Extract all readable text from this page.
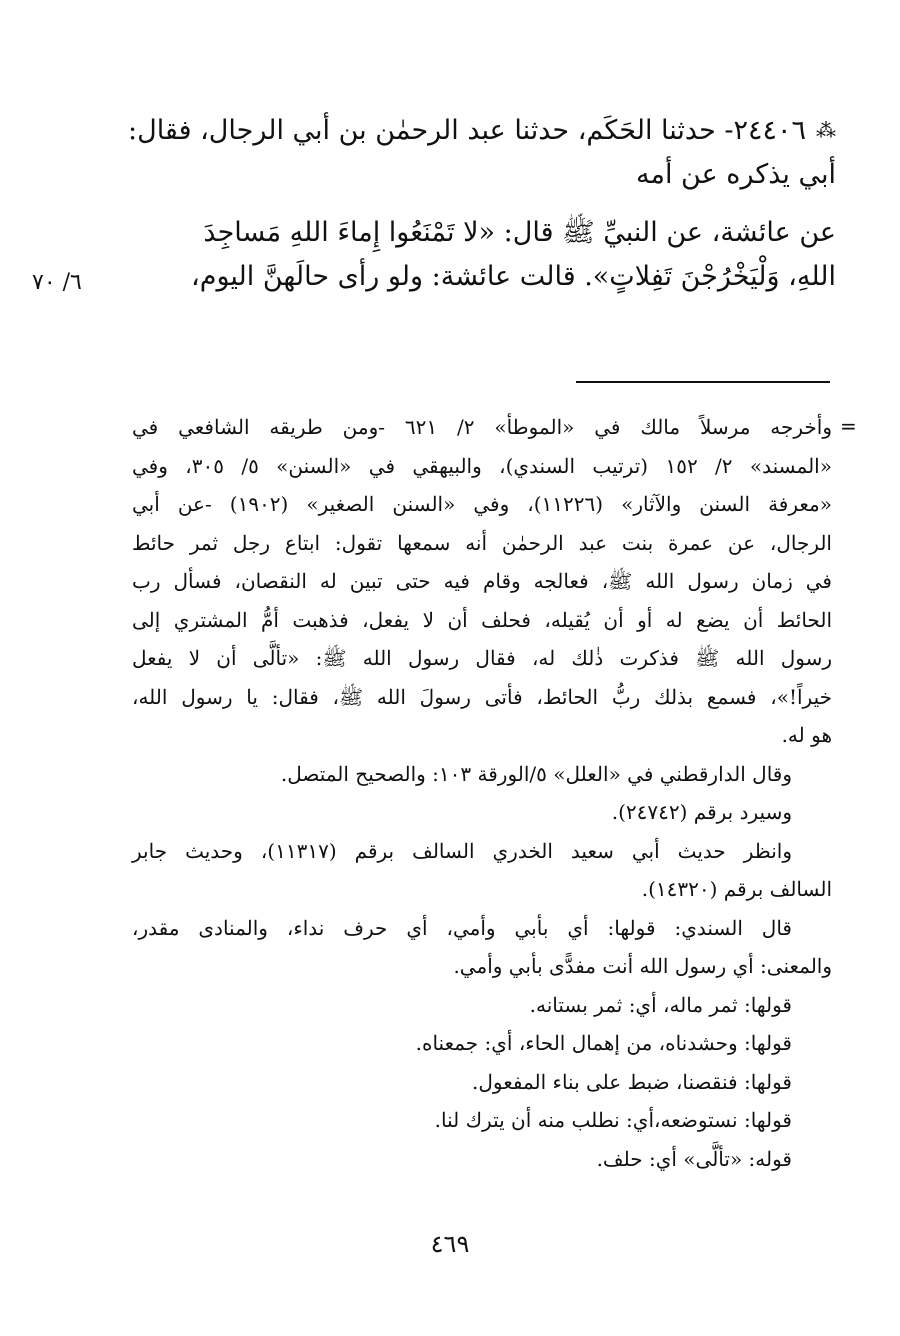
⁂٢٤٤٠٦- حدثنا الحَكَم، حدثنا عبد الرحمٰن بن أبي الرجال، فقال:
أبي يذكره عن أمه
عن عائشة، عن النبيِّ ﷺ قال: «لا تَمْنَعُوا إِماءَ اللهِ مَساجِدَ
اللهِ، وَلْيَخْرُجْنَ تَفِلاتٍ». قالت عائشة: ولو رأى حالَهنَّ اليوم،
٦/ ٧٠
=
وأخرجه مرسلاً مالك في «الموطأ» ٢/ ٦٢١ -ومن طريقه الشافعي في
«المسند» ٢/ ١٥٢ (ترتيب السندي)، والبيهقي في «السنن» ٥/ ٣٠٥، وفي
«معرفة السنن والآثار» (١١٢٢٦)، وفي «السنن الصغير» (١٩٠٢) -عن أبي
الرجال، عن عمرة بنت عبد الرحمٰن أنه سمعها تقول: ابتاع رجل ثمر حائط
في زمان رسول الله ﷺ، فعالجه وقام فيه حتى تبين له النقصان، فسأل رب
الحائط أن يضع له أو أن يُقيله، فحلف أن لا يفعل، فذهبت أمُّ المشتري إلى
رسول الله ﷺ فذكرت ذٰلك له، فقال رسول الله ﷺ: «تألَّى أن لا يفعل
خيراً!»، فسمع بذلك ربُّ الحائط، فأتى رسولَ الله ﷺ، فقال: يا رسول الله،
هو له.
وقال الدارقطني في «العلل» ٥/الورقة ١٠٣: والصحيح المتصل.
وسيرد برقم (٢٤٧٤٢).
وانظر حديث أبي سعيد الخدري السالف برقم (١١٣١٧)، وحديث جابر
السالف برقم (١٤٣٢٠).
قال السندي: قولها: أي بأبي وأمي، أي حرف نداء، والمنادى مقدر،
والمعنى: أي رسول الله أنت مفدًّى بأبي وأمي.
قولها: ثمر ماله، أي: ثمر بستانه.
قولها: وحشدناه، من إهمال الحاء، أي: جمعناه.
قولها: فنقصنا، ضبط على بناء المفعول.
قولها: نستوضعه،أي: نطلب منه أن يترك لنا.
قوله: «تألَّى» أي: حلف.
٤٦٩
